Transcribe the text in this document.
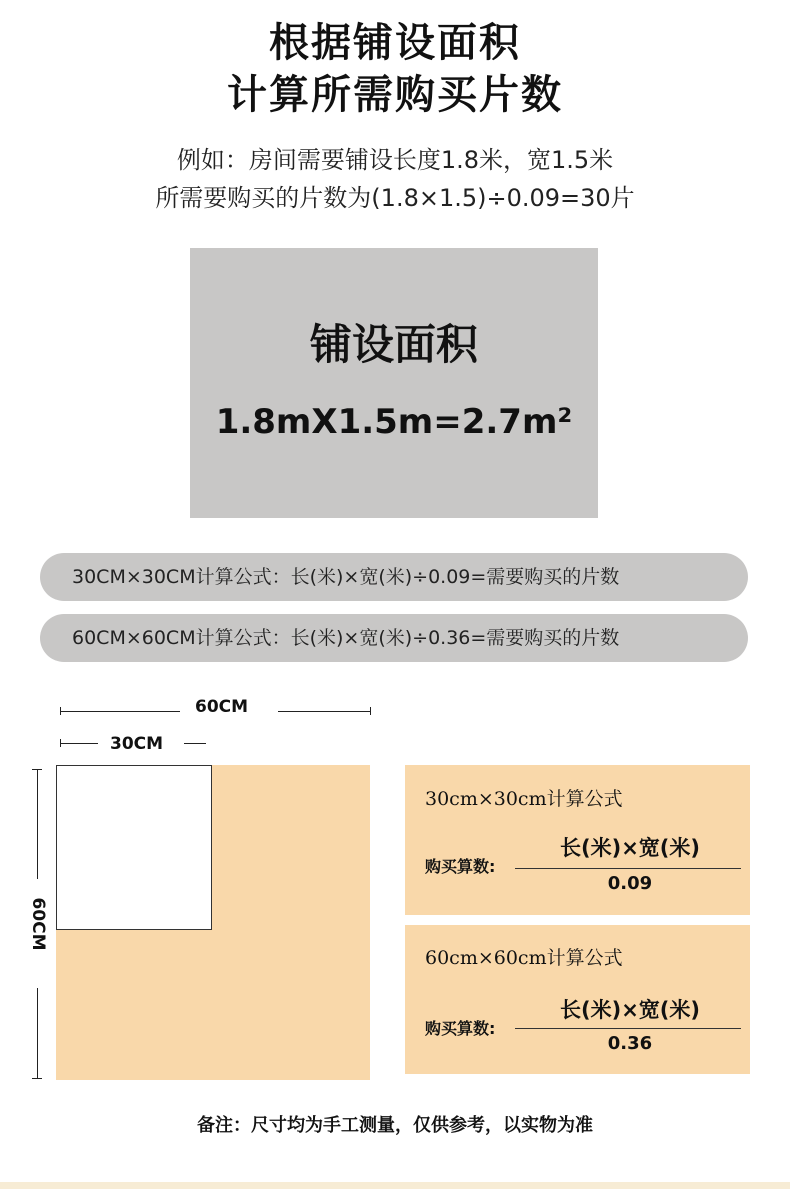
根据铺设面积
计算所需购买片数
例如：房间需要铺设长度1.8米，宽1.5米
所需要购买的片数为(1.8×1.5)÷0.09=30片
铺设面积
1.8mX1.5m=2.7m²
30CM×30CM计算公式：长(米)×宽(米)÷0.09=需要购买的片数
60CM×60CM计算公式：长(米)×宽(米)÷0.36=需要购买的片数
60CM
30CM
60CM
30cm×30cm计算公式
长(米)×宽(米)
购买算数:
0.09
60cm×60cm计算公式
长(米)×宽(米)
购买算数:
0.36
备注：尺寸均为手工测量，仅供参考，以实物为准
